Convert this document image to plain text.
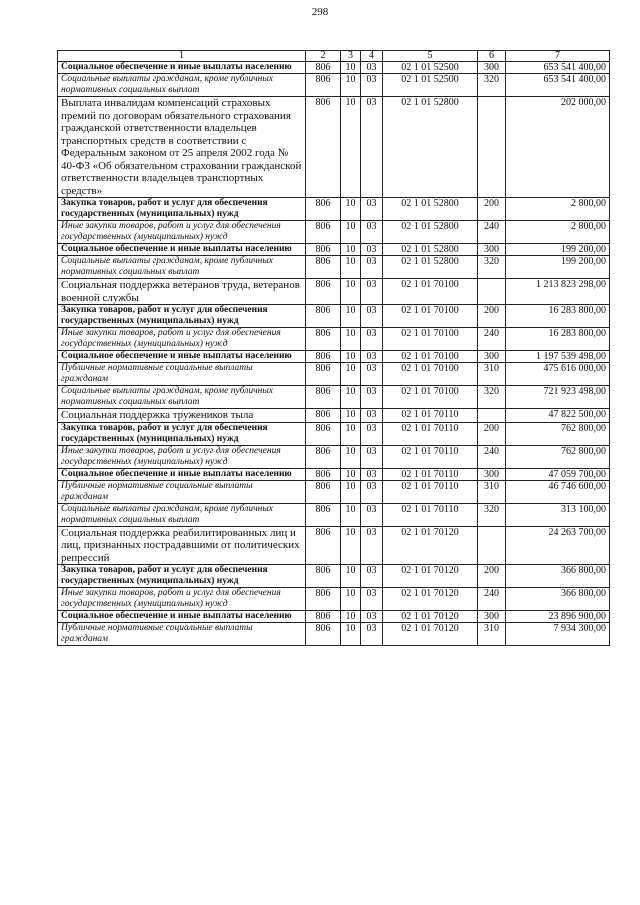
298
1	2	3	4	5	6	7
Социальное обеспечение и иные выплаты населению	806	10	03	02 1 01 52500	300	653 541 400,00
Социальные выплаты гражданам, кроме публичных нормативных социальных выплат	806	10	03	02 1 01 52500	320	653 541 400,00
Выплата инвалидам компенсаций страховых премий по договорам обязательного страхования гражданской ответственности владельцев транспортных средств в соответствии с Федеральным законом от 25 апреля 2002 года № 40-ФЗ «Об обязательном страховании гражданской ответственности владельцев транспортных средств»	806	10	03	02 1 01 52800		202 000,00
Закупка товаров, работ и услуг для обеспечения государственных (муниципальных) нужд	806	10	03	02 1 01 52800	200	2 800,00
Иные закупки товаров, работ и услуг для обеспечения государственных (муниципальных) нужд	806	10	03	02 1 01 52800	240	2 800,00
Социальное обеспечение и иные выплаты населению	806	10	03	02 1 01 52800	300	199 200,00
Социальные выплаты гражданам, кроме публичных нормативных социальных выплат	806	10	03	02 1 01 52800	320	199 200,00
Социальная поддержка ветеранов труда, ветеранов военной службы	806	10	03	02 1 01 70100		1 213 823 298,00
Закупка товаров, работ и услуг для обеспечения государственных (муниципальных) нужд	806	10	03	02 1 01 70100	200	16 283 800,00
Иные закупки товаров, работ и услуг для обеспечения государственных (муниципальных) нужд	806	10	03	02 1 01 70100	240	16 283 800,00
Социальное обеспечение и иные выплаты населению	806	10	03	02 1 01 70100	300	1 197 539 498,00
Публичные нормативные социальные выплаты гражданам	806	10	03	02 1 01 70100	310	475 616 000,00
Социальные выплаты гражданам, кроме публичных нормативных социальных выплат	806	10	03	02 1 01 70100	320	721 923 498,00
Социальная поддержка тружеников тыла	806	10	03	02 1 01 70110		47 822 500,00
Закупка товаров, работ и услуг для обеспечения государственных (муниципальных) нужд	806	10	03	02 1 01 70110	200	762 800,00
Иные закупки товаров, работ и услуг для обеспечения государственных (муниципальных) нужд	806	10	03	02 1 01 70110	240	762 800,00
Социальное обеспечение и иные выплаты населению	806	10	03	02 1 01 70110	300	47 059 700,00
Публичные нормативные социальные выплаты гражданам	806	10	03	02 1 01 70110	310	46 746 600,00
Социальные выплаты гражданам, кроме публичных нормативных социальных выплат	806	10	03	02 1 01 70110	320	313 100,00
Социальная поддержка реабилитированных лиц и лиц, признанных пострадавшими от политических репрессий	806	10	03	02 1 01 70120		24 263 700,00
Закупка товаров, работ и услуг для обеспечения государственных (муниципальных) нужд	806	10	03	02 1 01 70120	200	366 800,00
Иные закупки товаров, работ и услуг для обеспечения государственных (муниципальных) нужд	806	10	03	02 1 01 70120	240	366 800,00
Социальное обеспечение и иные выплаты населению	806	10	03	02 1 01 70120	300	23 896 900,00
Публичные нормативные социальные выплаты гражданам	806	10	03	02 1 01 70120	310	7 934 300,00
